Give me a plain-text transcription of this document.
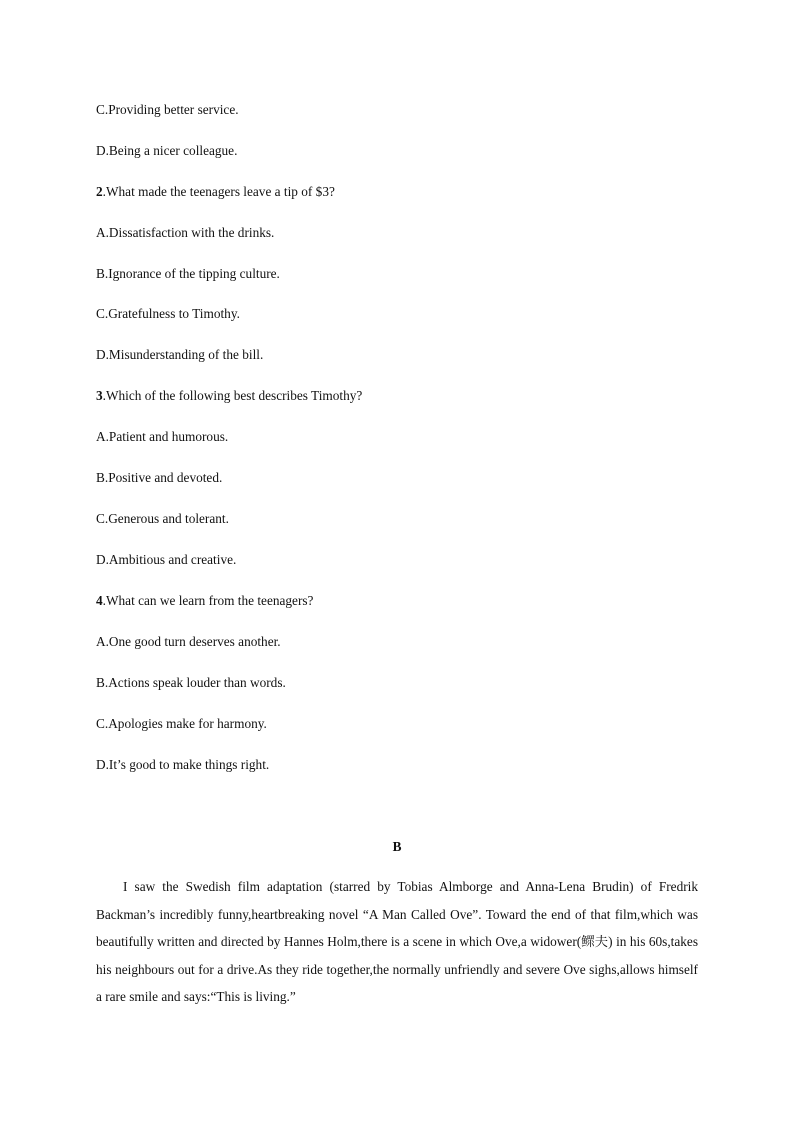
C.Providing better service.
D.Being a nicer colleague.
2.What made the teenagers leave a tip of $3?
A.Dissatisfaction with the drinks.
B.Ignorance of the tipping culture.
C.Gratefulness to Timothy.
D.Misunderstanding of the bill.
3.Which of the following best describes Timothy?
A.Patient and humorous.
B.Positive and devoted.
C.Generous and tolerant.
D.Ambitious and creative.
4.What can we learn from the teenagers?
A.One good turn deserves another.
B.Actions speak louder than words.
C.Apologies make for harmony.
D.It’s good to make things right.
B
I saw the Swedish film adaptation (starred by Tobias Almborge and Anna-Lena Brudin) of Fredrik Backman’s incredibly funny,heartbreaking novel “A Man Called Ove”. Toward the end of that film,which was beautifully written and directed by Hannes Holm,there is a scene in which Ove,a widower(鳏夫) in his 60s,takes his neighbours out for a drive.As they ride together,the normally unfriendly and severe Ove sighs,allows himself a rare smile and says:“This is living.”
